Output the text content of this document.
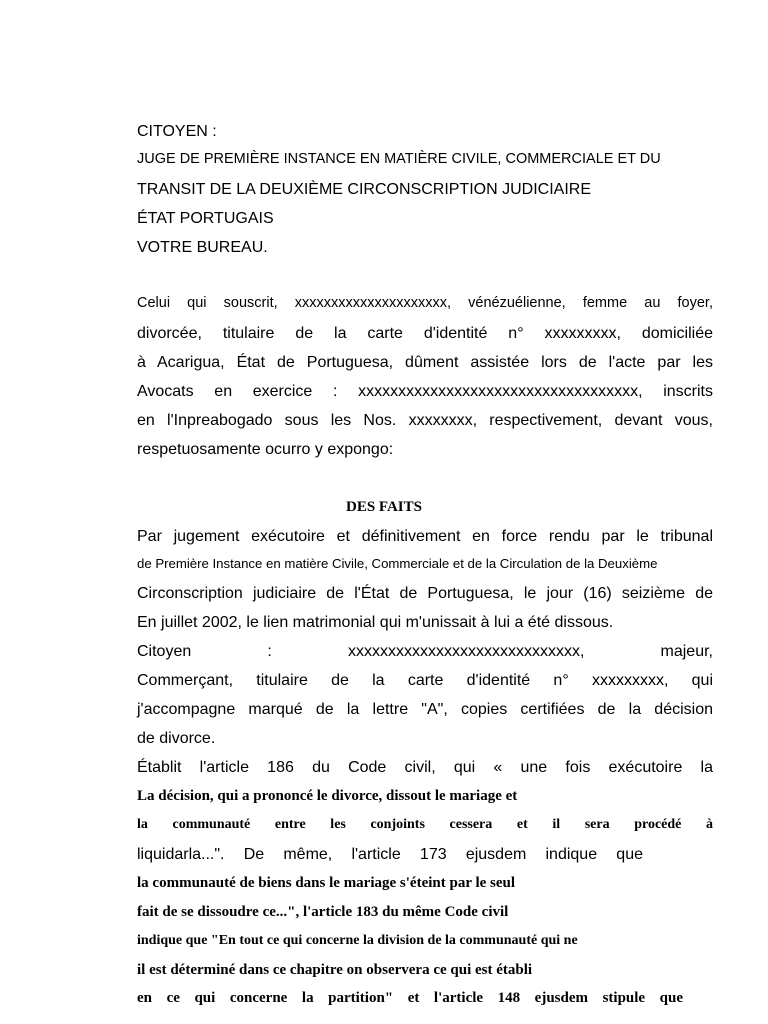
CITOYEN :
JUGE DE PREMIÈRE INSTANCE EN MATIÈRE CIVILE, COMMERCIALE ET DU
TRANSIT DE LA DEUXIÈME CIRCONSCRIPTION JUDICIAIRE
ÉTAT PORTUGAIS
VOTRE BUREAU.
Celui qui souscrit, xxxxxxxxxxxxxxxxxxxxx, vénézuélienne, femme au foyer,
divorcée, titulaire de la carte d'identité n° xxxxxxxxx, domiciliée
à Acarigua, État de Portuguesa, dûment assistée lors de l'acte par les
Avocats en exercice : xxxxxxxxxxxxxxxxxxxxxxxxxxxxxxxxxxx, inscrits
en l'Inpreabogado sous les Nos. xxxxxxxx, respectivement, devant vous,
respetuosamente ocurro y expongo:
DES FAITS
Par jugement exécutoire et définitivement en force rendu par le tribunal
de Première Instance en matière Civile, Commerciale et de la Circulation de la Deuxième
Circonscription judiciaire de l'État de Portuguesa, le jour (16) seizième de
En juillet 2002, le lien matrimonial qui m'unissait à lui a été dissous.
Citoyen : xxxxxxxxxxxxxxxxxxxxxxxxxxxxx, majeur,
Commerçant, titulaire de la carte d'identité n° xxxxxxxxx, qui
j'accompagne marqué de la lettre "A", copies certifiées de la décision
de divorce.
Établit l'article 186 du Code civil, qui « une fois exécutoire la
La décision, qui a prononcé le divorce, dissout le mariage et
la communauté entre les conjoints cessera et il sera procédé à
liquidarla...". De même, l'article 173 ejusdem indique que
la communauté de biens dans le mariage s'éteint par le seul
fait de se dissoudre ce...", l'article 183 du même Code civil
indique que "En tout ce qui concerne la division de la communauté qui ne
il est déterminé dans ce chapitre on observera ce qui est établi
en ce qui concerne la partition" et l'article 148 ejusdem stipule que
